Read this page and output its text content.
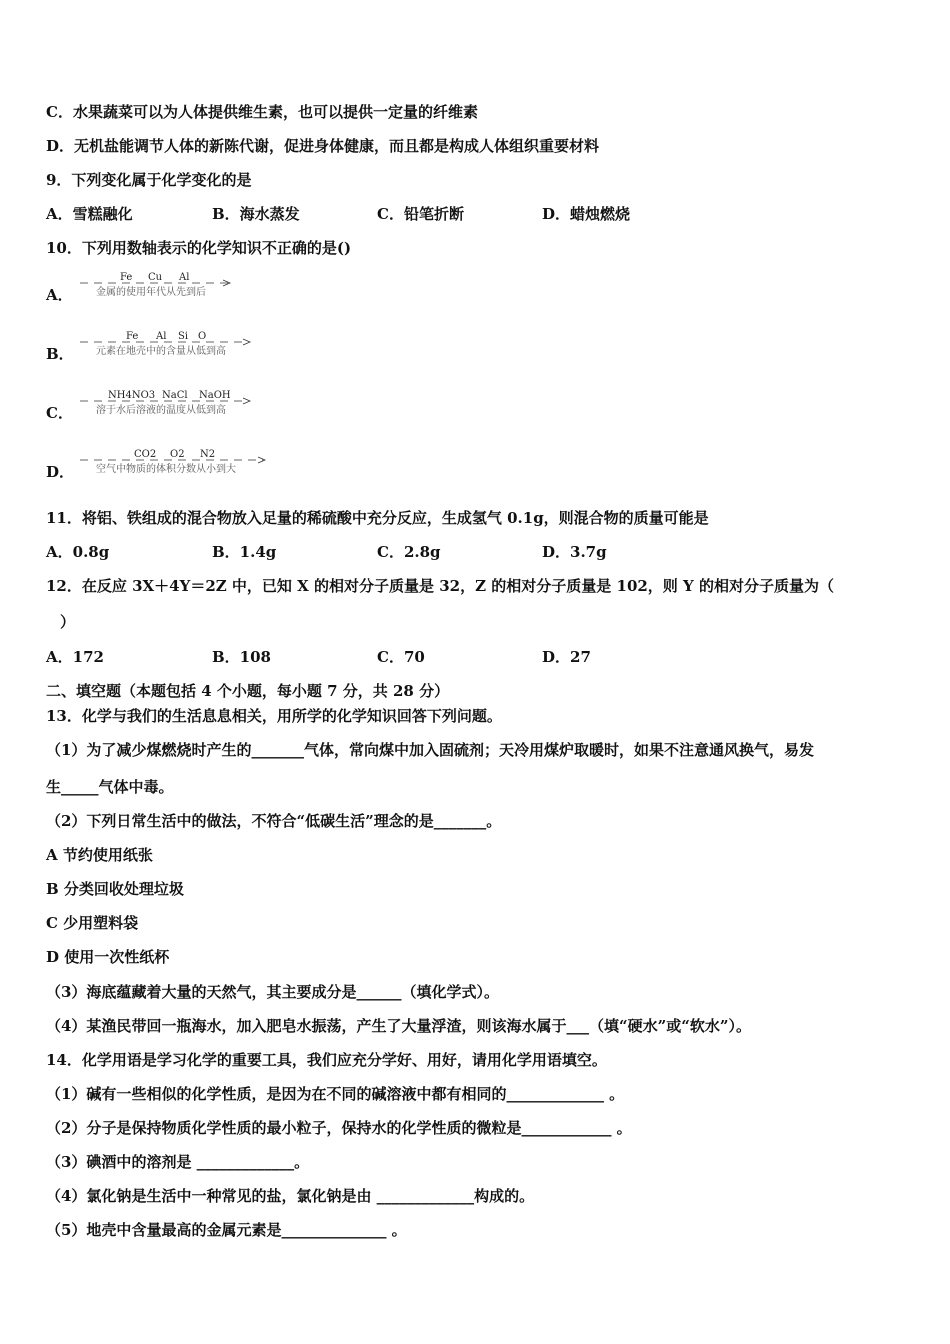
C．水果蔬菜可以为人体提供维生素，也可以提供一定量的纤维素
D．无机盐能调节人体的新陈代谢，促进身体健康，而且都是构成人体组织重要材料
9．下列变化属于化学变化的是
A．雪糕融化	B．海水蒸发	C．铅笔折断	D．蜡烛燃烧
10．下列用数轴表示的化学知识不正确的是()
A．
Fe Cu Al
金属的使用年代从先到后
B．
Fe Al Si O
元素在地壳中的含量从低到高
C．
NH4NO3 NaCl NaOH
溶于水后溶液的温度从低到高
D．
CO2 O2 N2
空气中物质的体积分数从小到大
11．将铝、铁组成的混合物放入足量的稀硫酸中充分反应，生成氢气 0.1g，则混合物的质量可能是
A．0.8g	B．1.4g	C．2.8g	D．3.7g
12．在反应 3X＋4Y＝2Z 中，已知 X 的相对分子质量是 32，Z 的相对分子质量是 102，则 Y 的相对分子质量为（
）
A．172	B．108	C．70	D．27
二、填空题（本题包括 4 个小题，每小题 7 分，共 28 分）
13．化学与我们的生活息息相关，用所学的化学知识回答下列问题。
（1）为了减少煤燃烧时产生的_______气体，常向煤中加入固硫剂；天冷用煤炉取暖时，如果不注意通风换气，易发
生_____气体中毒。
（2）下列日常生活中的做法，不符合“低碳生活”理念的是_______。
A 节约使用纸张
B 分类回收处理垃圾
C 少用塑料袋
D 使用一次性纸杯
（3）海底蕴藏着大量的天然气，其主要成分是______（填化学式）。
（4）某渔民带回一瓶海水，加入肥皂水振荡，产生了大量浮渣，则该海水属于___（填“硬水”或“软水”）。
14．化学用语是学习化学的重要工具，我们应充分学好、用好，请用化学用语填空。
（1）碱有一些相似的化学性质，是因为在不同的碱溶液中都有相同的_____________ 。
（2）分子是保持物质化学性质的最小粒子，保持水的化学性质的微粒是____________ 。
（3）碘酒中的溶剂是 _____________。
（4）氯化钠是生活中一种常见的盐，氯化钠是由 _____________构成的。
（5）地壳中含量最高的金属元素是______________ 。
